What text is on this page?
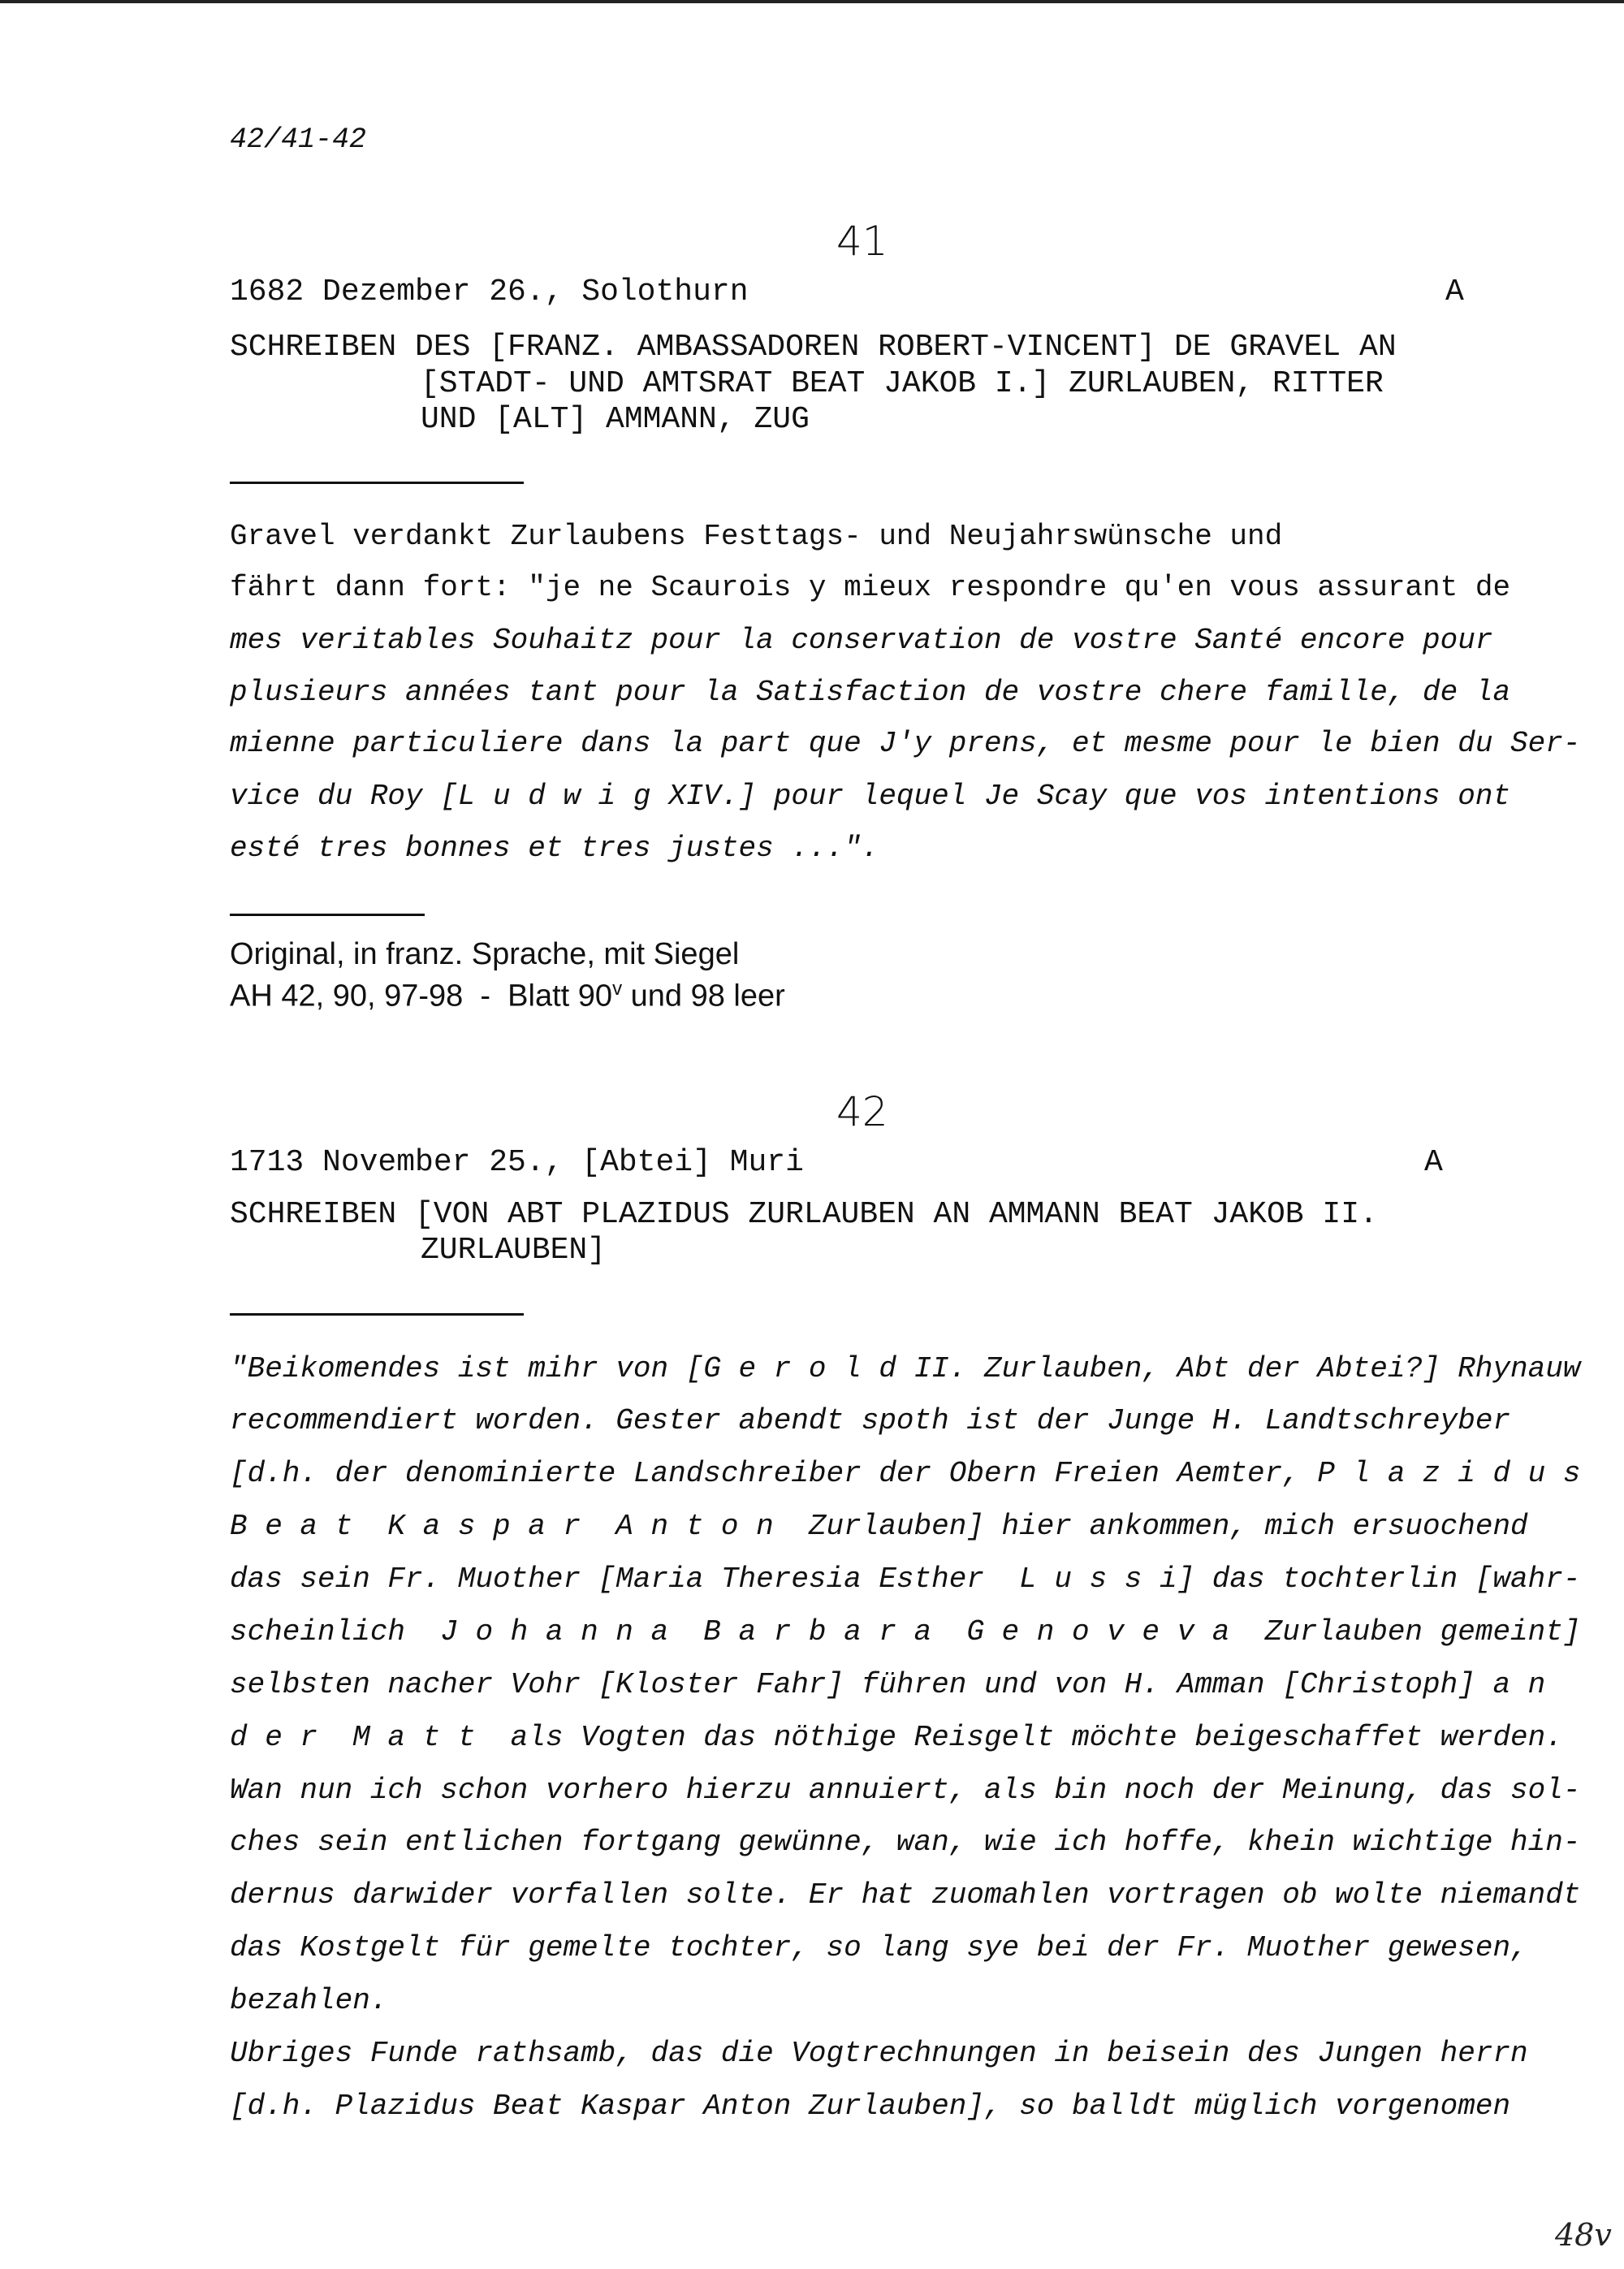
42/41-42
41
1682 Dezember 26., Solothurn	A
SCHREIBEN DES [FRANZ. AMBASSADOREN ROBERT-VINCENT] DE GRAVEL AN
[STADT- UND AMTSRAT BEAT JAKOB I.] ZURLAUBEN, RITTER
UND [ALT] AMMANN, ZUG
Gravel verdankt Zurlaubens Festtags- und Neujahrswünsche und
fährt dann fort: "je ne Scaurois y mieux respondre qu'en vous assurant de
mes veritables Souhaitz pour la conservation de vostre Santé encore pour
plusieurs années tant pour la Satisfaction de vostre chere famille, de la
mienne particuliere dans la part que J'y prens, et mesme pour le bien du Ser-
vice du Roy [L u d w i g XIV.] pour lequel Je Scay que vos intentions ont
esté tres bonnes et tres justes ...".
Original, in franz. Sprache, mit Siegel
AH 42, 90, 97-98  -  Blatt 90$^v$ und 98 leer
42
1713 November 25., [Abtei] Muri	A
SCHREIBEN [VON ABT PLAZIDUS ZURLAUBEN AN AMMANN BEAT JAKOB II.
ZURLAUBEN]
"Beikomendes ist mihr von [G e r o l d II. Zurlauben, Abt der Abtei?] Rhynauw
recommendiert worden. Gester abendt spoth ist der Junge H. Landtschreyber
[d.h. der denominierte Landschreiber der Obern Freien Aemter, P l a z i d u s
B e a t  K a s p a r  A n t o n  Zurlauben] hier ankommen, mich ersuochend
das sein Fr. Muother [Maria Theresia Esther  L u s s i] das tochterlin [wahr-
scheinlich  J o h a n n a  B a r b a r a  G e n o v e v a  Zurlauben gemeint]
selbsten nacher Vohr [Kloster Fahr] führen und von H. Amman [Christoph] a n
d e r  M a t t  als Vogten das nöthige Reisgelt möchte beigeschaffet werden.
Wan nun ich schon vorhero hierzu annuiert, als bin noch der Meinung, das sol-
ches sein entlichen fortgang gewünne, wan, wie ich hoffe, khein wichtige hin-
dernus darwider vorfallen solte. Er hat zuomahlen vortragen ob wolte niemandt
das Kostgelt für gemelte tochter, so lang sye bei der Fr. Muother gewesen,
bezahlen.
Ubriges Funde rathsamb, das die Vogtrechnungen in beisein des Jungen herrn
[d.h. Plazidus Beat Kaspar Anton Zurlauben], so balldt müglich vorgenomen
48v
